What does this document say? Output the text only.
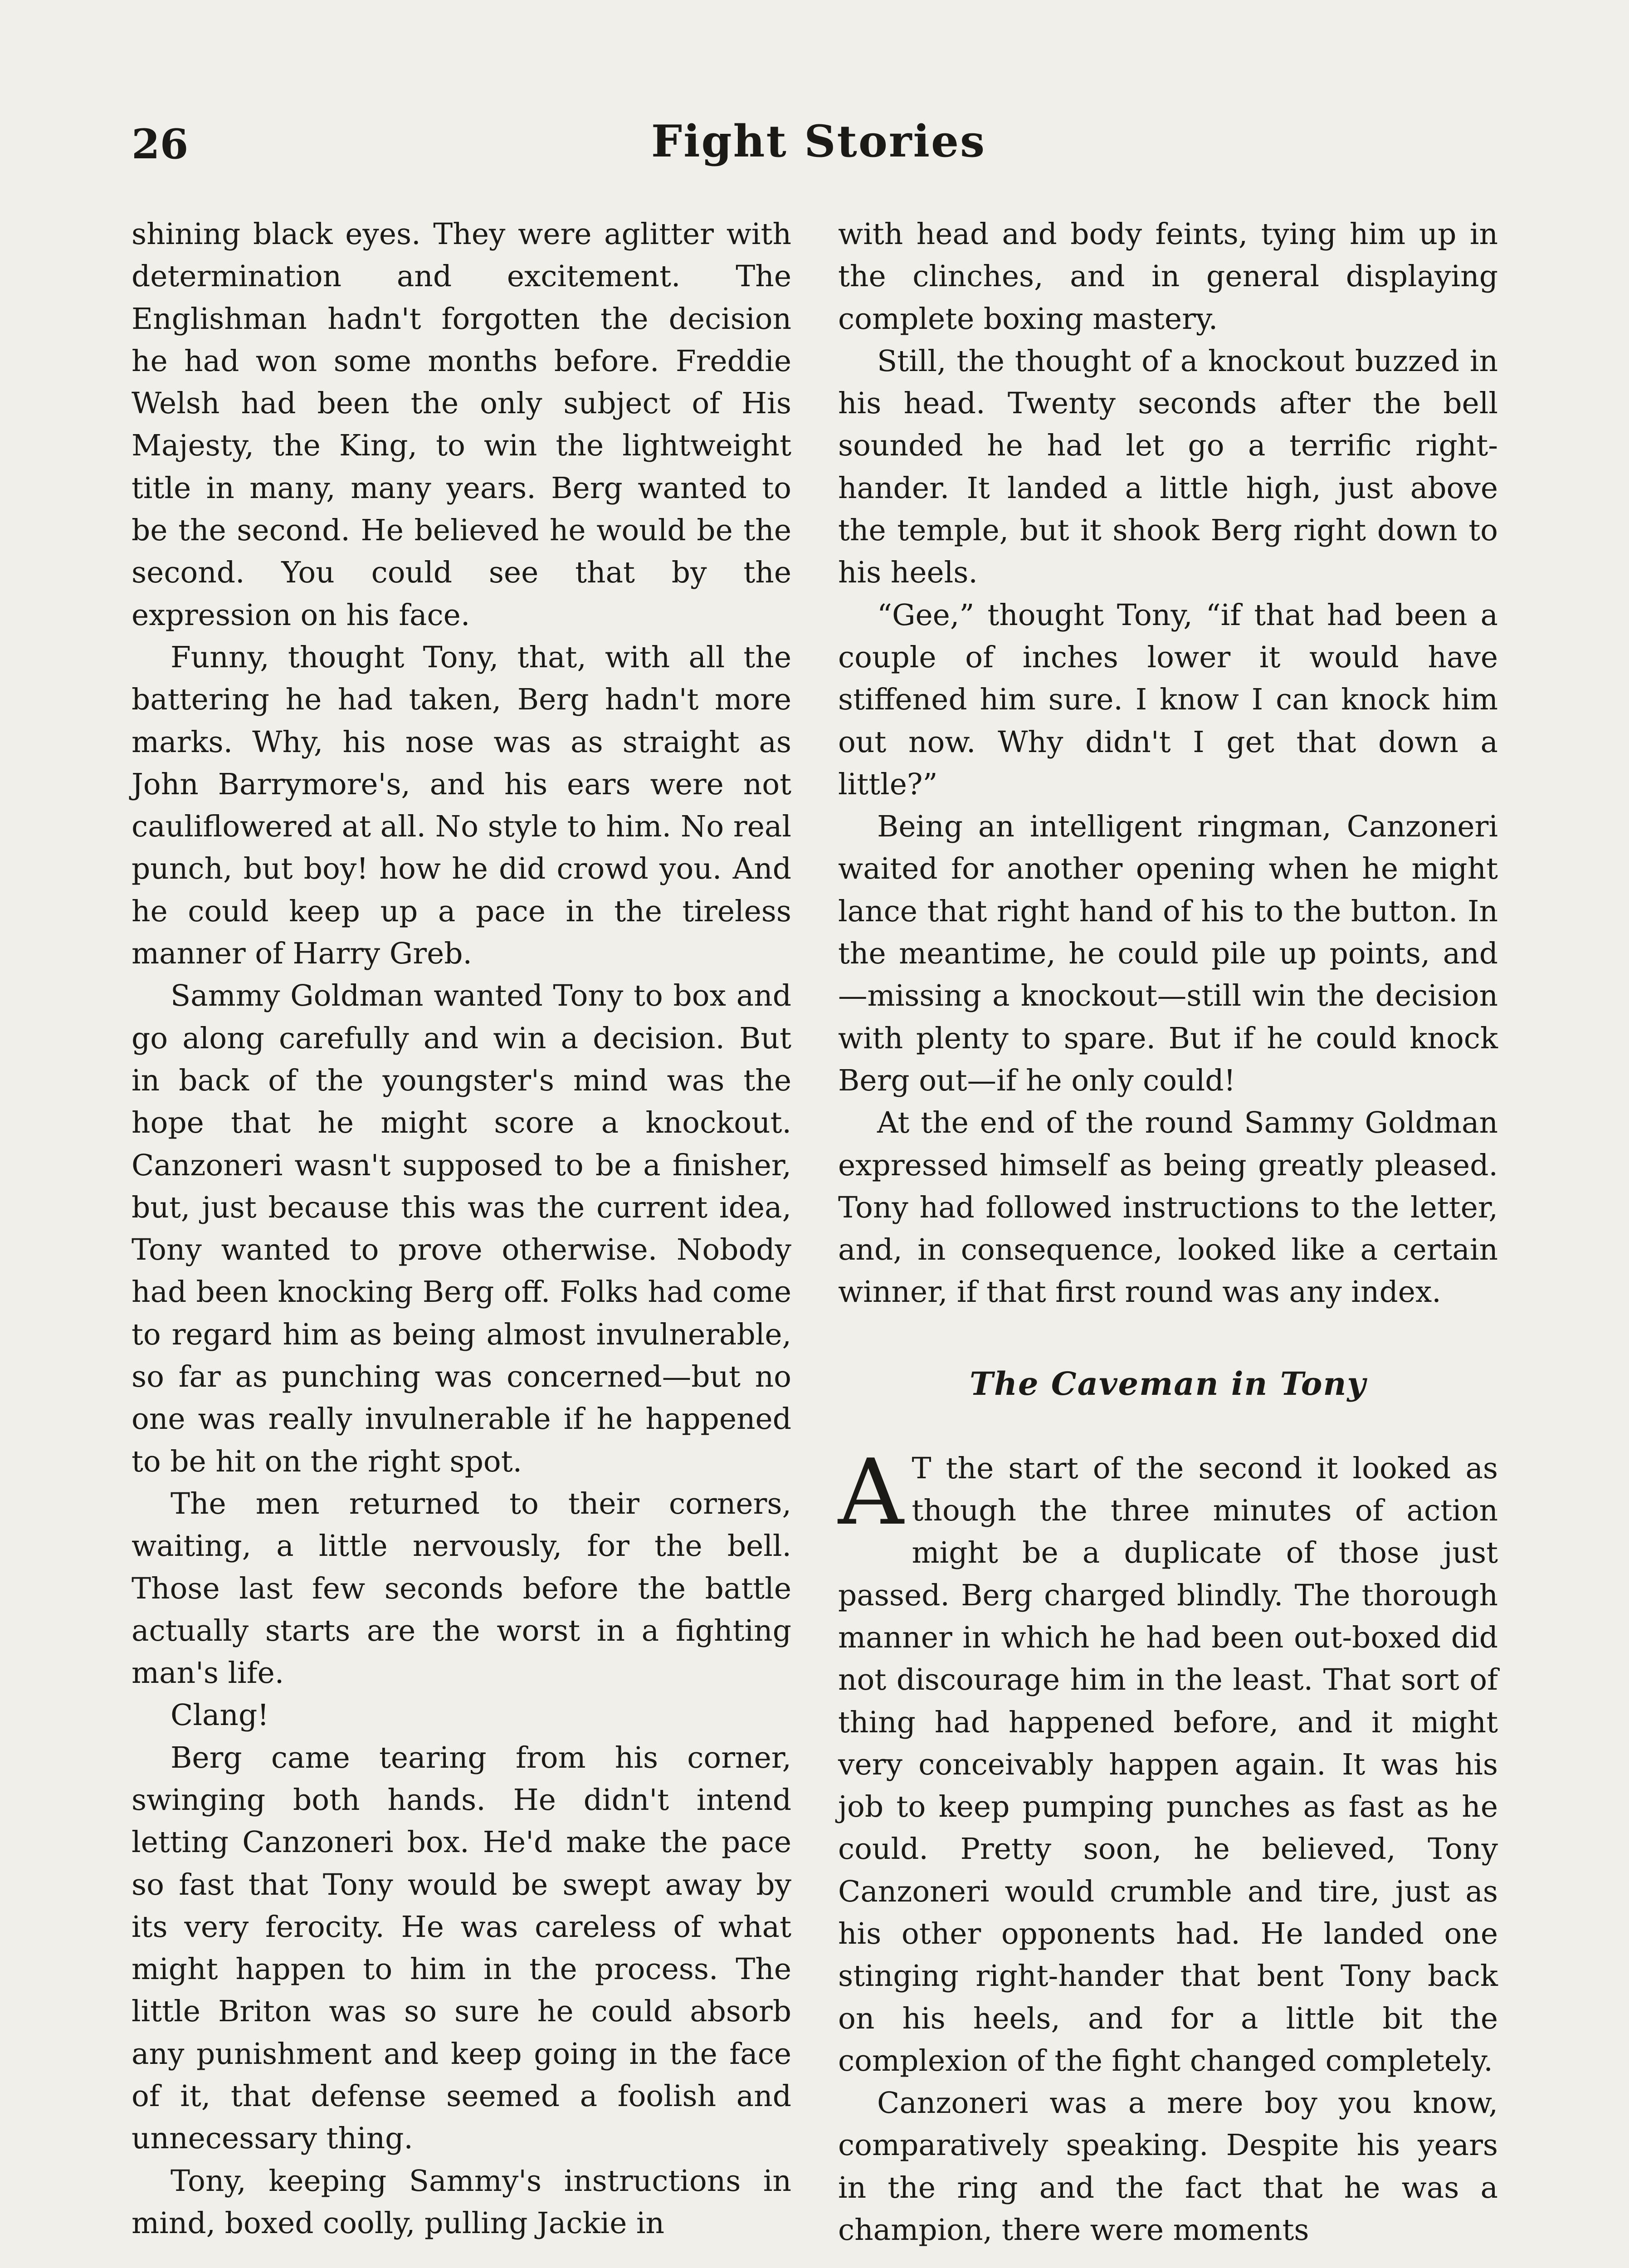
26	Fight Stories

shining black eyes. They were aglitter with determination and excitement. The Englishman hadn't forgotten the decision he had won some months before. Freddie Welsh had been the only subject of His Majesty, the King, to win the lightweight title in many, many years. Berg wanted to be the second. He believed he would be the second. You could see that by the expression on his face.

Funny, thought Tony, that, with all the battering he had taken, Berg hadn't more marks. Why, his nose was as straight as John Barrymore's, and his ears were not cauliflowered at all. No style to him. No real punch, but boy! how he did crowd you. And he could keep up a pace in the tireless manner of Harry Greb.

Sammy Goldman wanted Tony to box and go along carefully and win a decision. But in back of the youngster's mind was the hope that he might score a knockout. Canzoneri wasn't supposed to be a finisher, but, just because this was the current idea, Tony wanted to prove otherwise. Nobody had been knocking Berg off. Folks had come to regard him as being almost invulnerable, so far as punching was concerned—but no one was really invulnerable if he happened to be hit on the right spot.

The men returned to their corners, waiting, a little nervously, for the bell. Those last few seconds before the battle actually starts are the worst in a fighting man's life.

Clang!

Berg came tearing from his corner, swinging both hands. He didn't intend letting Canzoneri box. He'd make the pace so fast that Tony would be swept away by its very ferocity. He was careless of what might happen to him in the process. The little Briton was so sure he could absorb any punishment and keep going in the face of it, that defense seemed a foolish and unnecessary thing.

Tony, keeping Sammy's instructions in mind, boxed coolly, pulling Jackie in

with head and body feints, tying him up in the clinches, and in general displaying complete boxing mastery.

Still, the thought of a knockout buzzed in his head. Twenty seconds after the bell sounded he had let go a terrific right-hander. It landed a little high, just above the temple, but it shook Berg right down to his heels.

“Gee,” thought Tony, “if that had been a couple of inches lower it would have stiffened him sure. I know I can knock him out now. Why didn't I get that down a little?”

Being an intelligent ringman, Canzoneri waited for another opening when he might lance that right hand of his to the button. In the meantime, he could pile up points, and—missing a knockout—still win the decision with plenty to spare. But if he could knock Berg out—if he only could!

At the end of the round Sammy Goldman expressed himself as being greatly pleased. Tony had followed instructions to the letter, and, in consequence, looked like a certain winner, if that first round was any index.

The Caveman in Tony

A T the start of the second it looked as though the three minutes of action might be a duplicate of those just passed. Berg charged blindly. The thorough manner in which he had been out-boxed did not discourage him in the least. That sort of thing had happened before, and it might very conceivably happen again. It was his job to keep pumping punches as fast as he could. Pretty soon, he believed, Tony Canzoneri would crumble and tire, just as his other opponents had. He landed one stinging right-hander that bent Tony back on his heels, and for a little bit the complexion of the fight changed completely.

Canzoneri was a mere boy you know, comparatively speaking. Despite his years in the ring and the fact that he was a champion, there were moments
